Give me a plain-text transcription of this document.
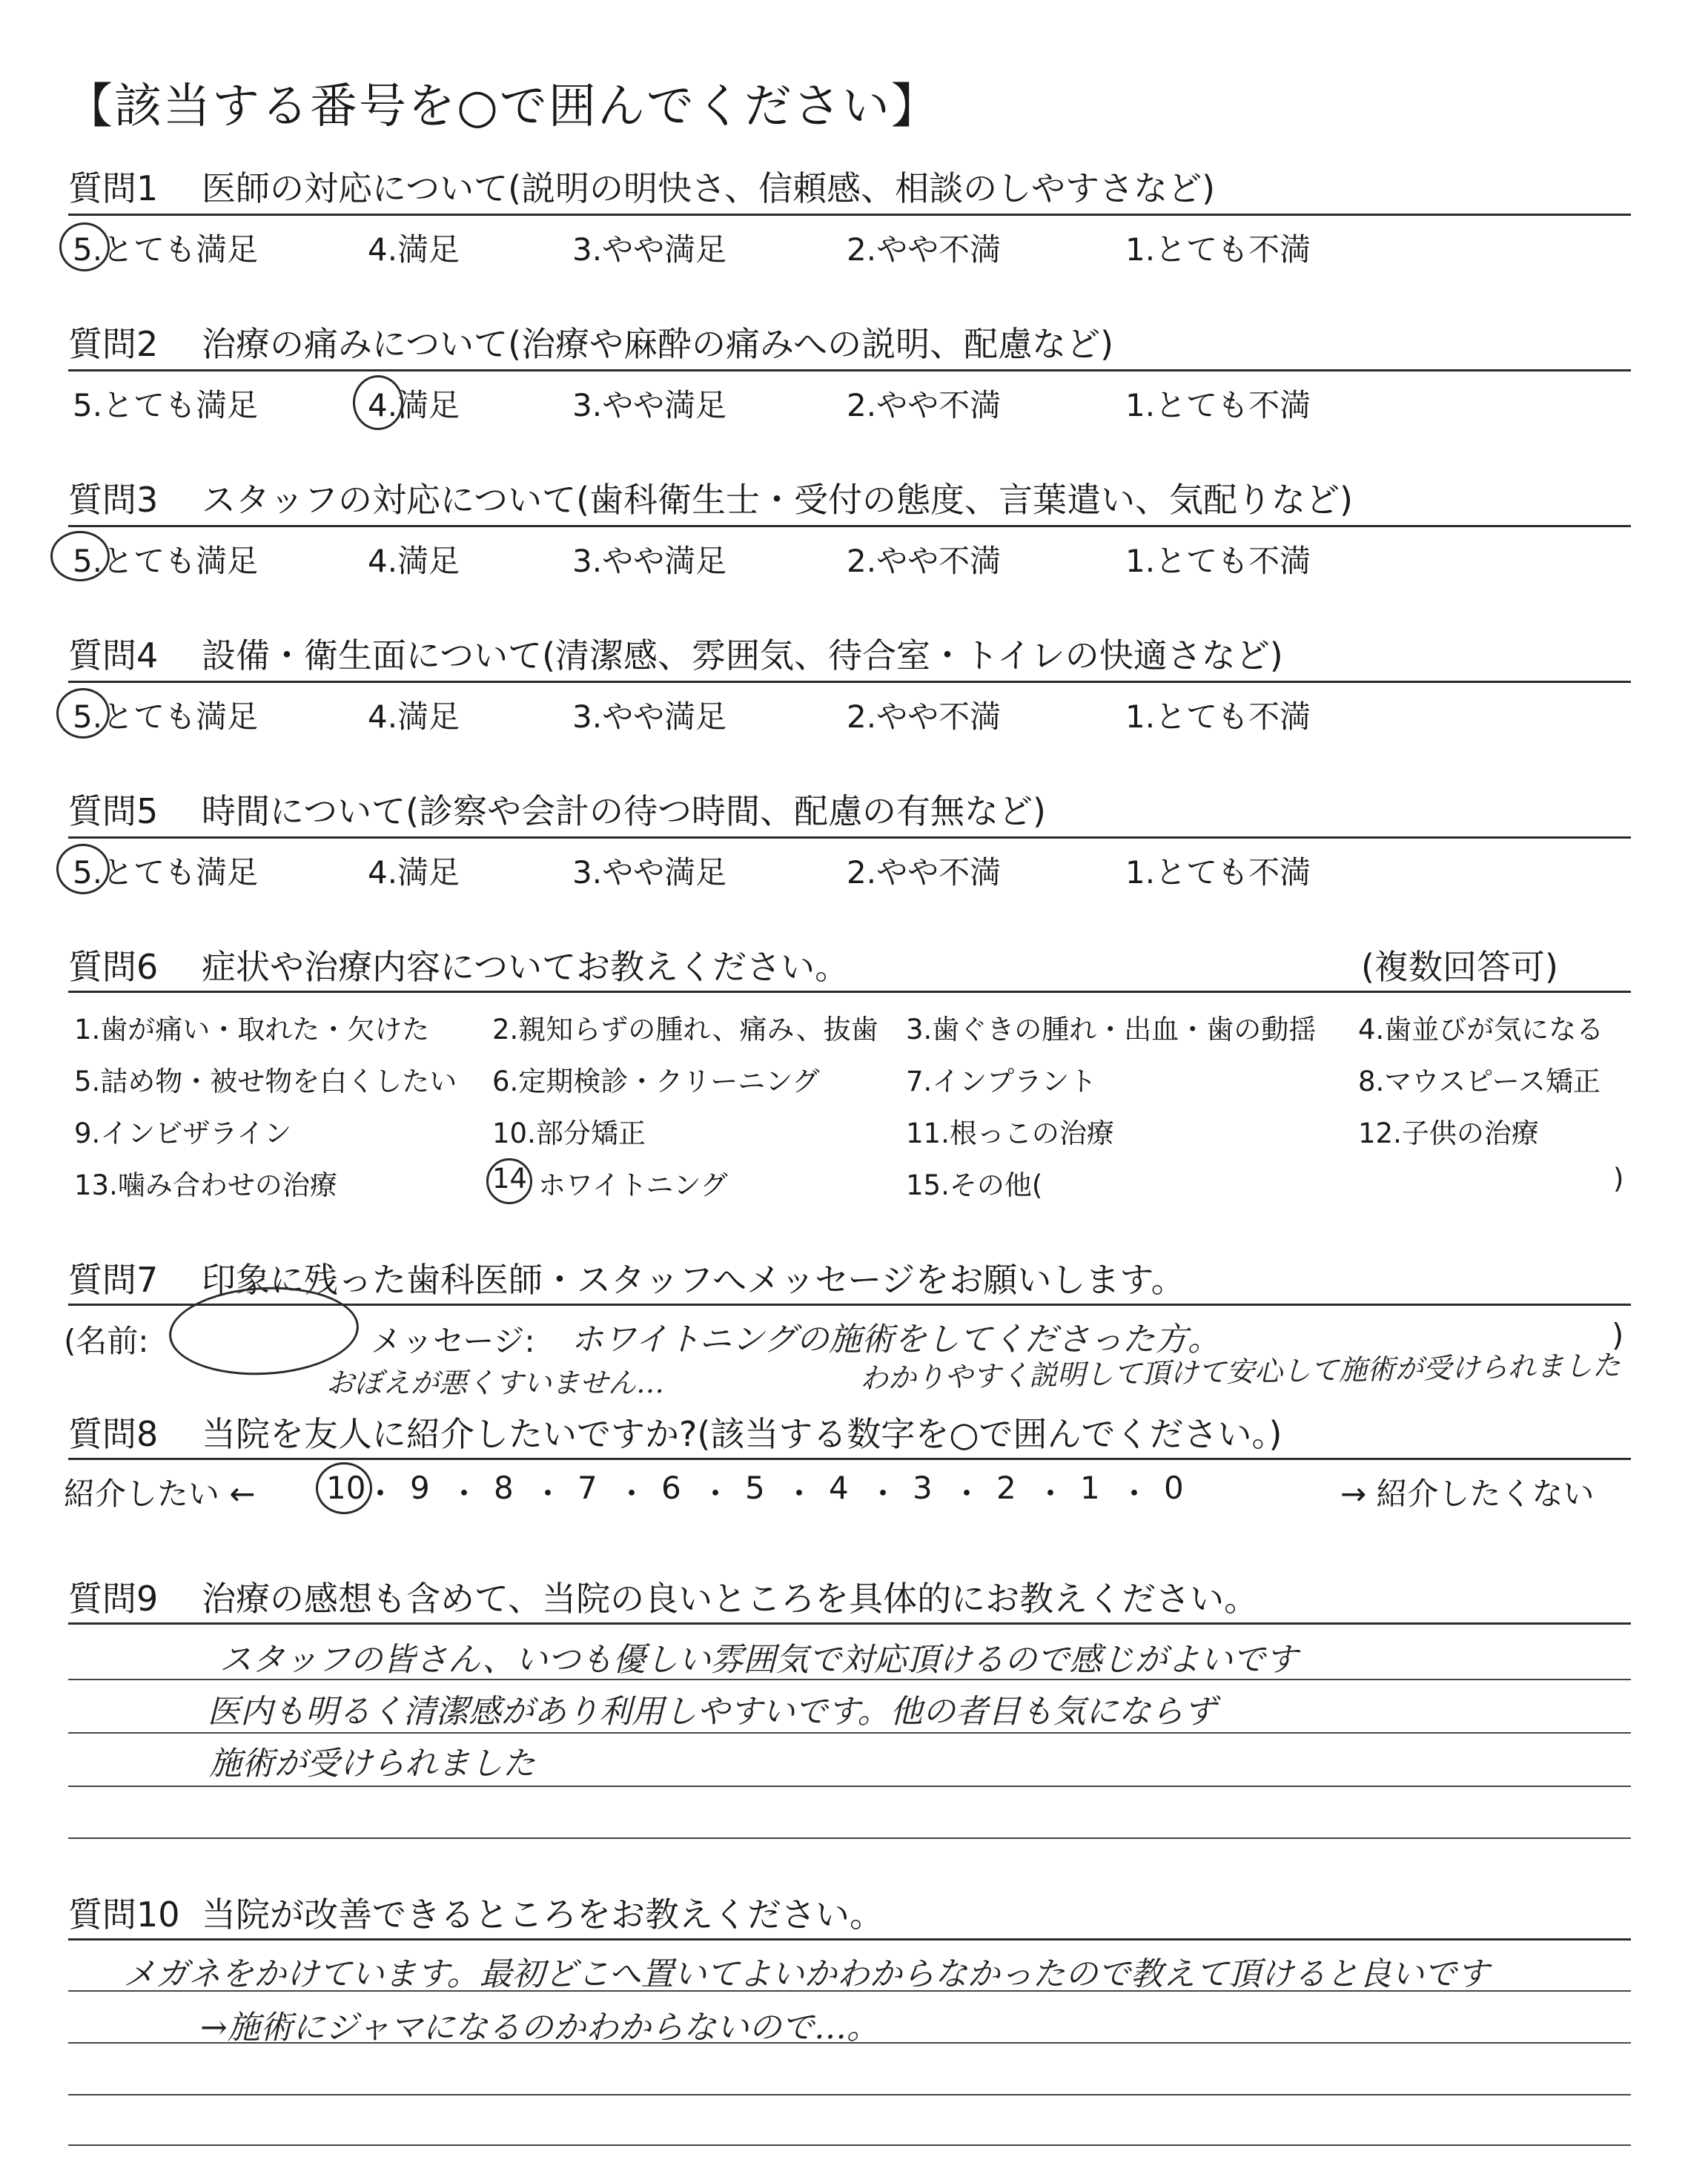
【該当する番号を○で囲んでください】
質問1 医師の対応について(説明の明快さ、信頼感、相談のしやすさなど)
5.とても満足	4.満足	3.やや満足	2.やや不満	1.とても不満
質問2 治療の痛みについて(治療や麻酔の痛みへの説明、配慮など)
5.とても満足	4.満足	3.やや満足	2.やや不満	1.とても不満
質問3 スタッフの対応について(歯科衛生士・受付の態度、言葉遣い、気配りなど)
5.とても満足	4.満足	3.やや満足	2.やや不満	1.とても不満
質問4 設備・衛生面について(清潔感、雰囲気、待合室・トイレの快適さなど)
5.とても満足	4.満足	3.やや満足	2.やや不満	1.とても不満
質問5 時間について(診察や会計の待つ時間、配慮の有無など)
5.とても満足	4.満足	3.やや満足	2.やや不満	1.とても不満
質問6 症状や治療内容についてお教えください。	(複数回答可)
1.歯が痛い・取れた・欠けた 2.親知らずの腫れ、痛み、抜歯 3.歯ぐきの腫れ・出血・歯の動揺 4.歯並びが気になる
5.詰め物・被せ物を白くしたい 6.定期検診・クリーニング	7.インプラント	8.マウスピース矯正
9.インビザライン	10.部分矯正	11.根っこの治療	12.子供の治療
13.噛み合わせの治療	14 ホワイトニング	15.その他(	)
質問7 印象に残った歯科医師・スタッフへメッセージをお願いします。
(名前:	メッセージ: ホワイトニングの施術をしてくださった方。	)
おぼえが悪くすいません…	わかりやすく説明して頂けて安心して施術が受けられました
質問8 当院を友人に紹介したいですか?(該当する数字を○で囲んでください。)
紹介したい ←	→ 紹介したくない
10
・ 9 ・ 8 ・ 7 ・ 6 ・ 5 ・ 4 ・ 3 ・ 2 ・ 1 ・ 0
質問9 治療の感想も含めて、当院の良いところを具体的にお教えください。
スタッフの皆さん、いつも優しい雰囲気で対応頂けるので感じがよいです
医内も明るく清潔感があり利用しやすいです。他の者目も気にならず
施術が受けられました
質問10 当院が改善できるところをお教えください。
メガネをかけています。最初どこへ置いてよいかわからなかったので教えて頂けると良いです
→施術にジャマになるのかわからないので…。
